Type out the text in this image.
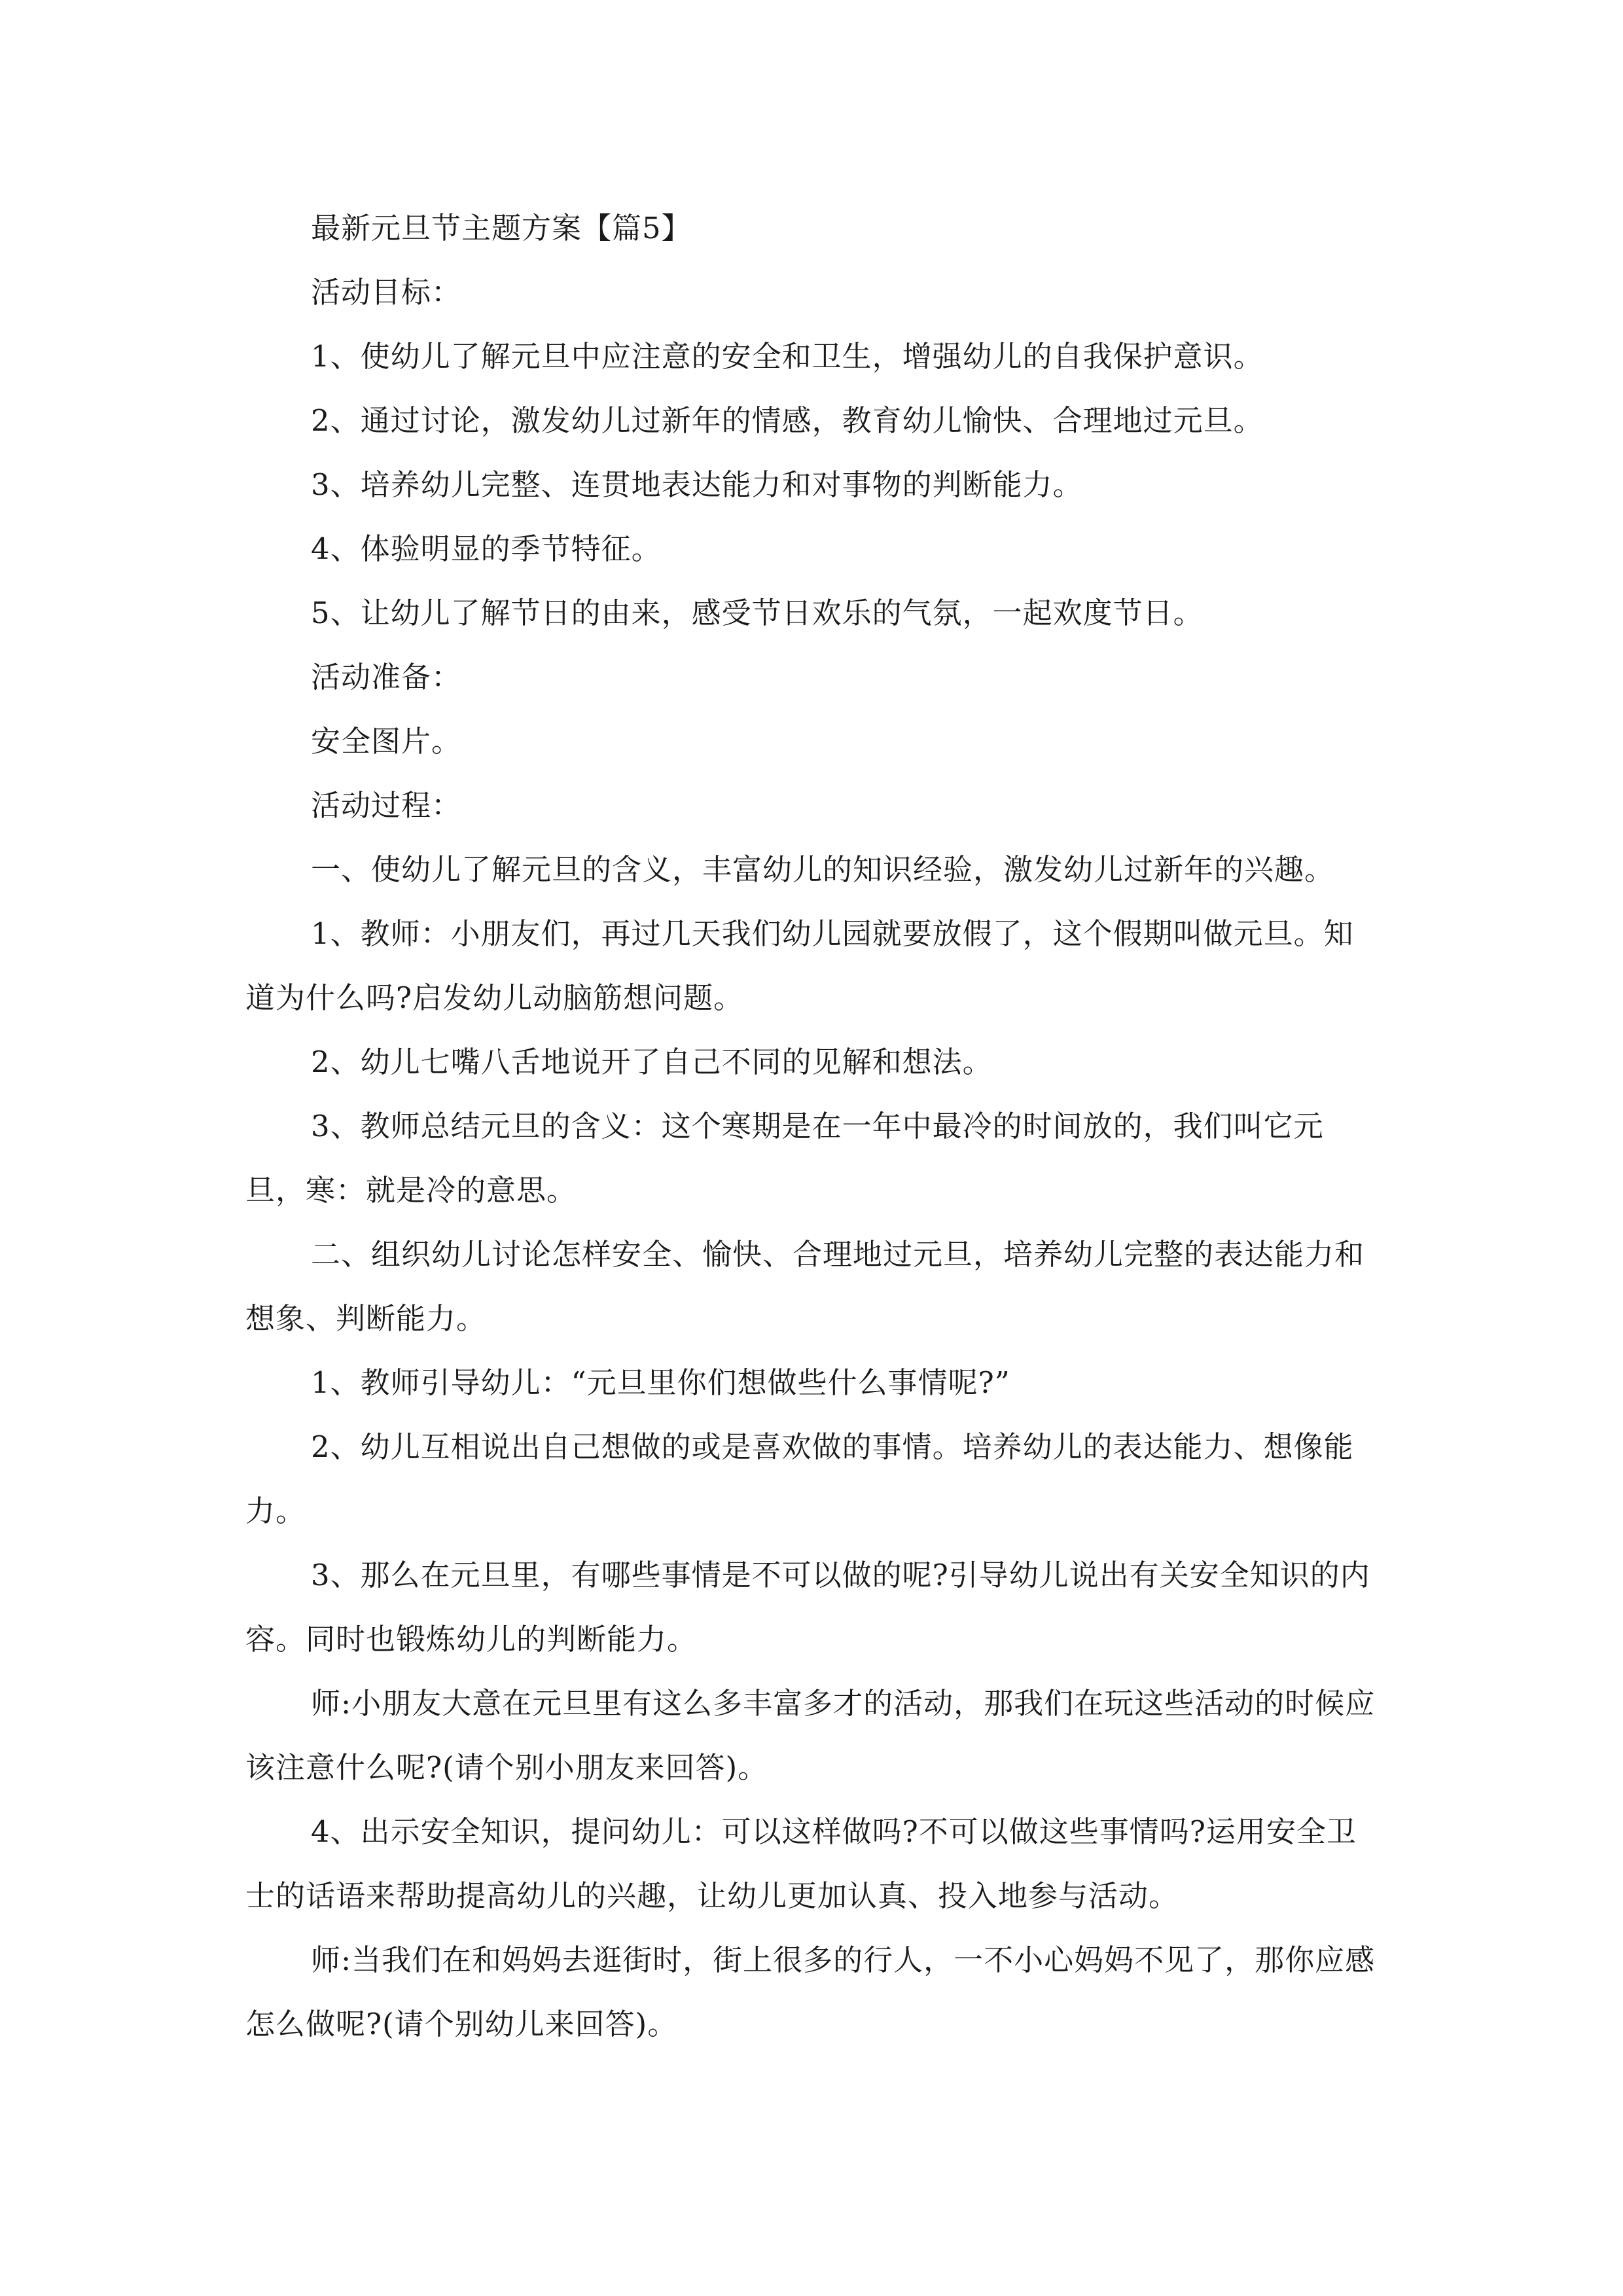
最新元旦节主题方案【篇5】

活动目标：

1、使幼儿了解元旦中应注意的安全和卫生，增强幼儿的自我保护意识。

2、通过讨论，激发幼儿过新年的情感，教育幼儿愉快、合理地过元旦。

3、培养幼儿完整、连贯地表达能力和对事物的判断能力。

4、体验明显的季节特征。

5、让幼儿了解节日的由来，感受节日欢乐的气氛，一起欢度节日。

活动准备：

安全图片。

活动过程：

一、使幼儿了解元旦的含义，丰富幼儿的知识经验，激发幼儿过新年的兴趣。

1、教师：小朋友们，再过几天我们幼儿园就要放假了，这个假期叫做元旦。知道为什么吗?启发幼儿动脑筋想问题。

2、幼儿七嘴八舌地说开了自己不同的见解和想法。

3、教师总结元旦的含义：这个寒期是在一年中最冷的时间放的，我们叫它元旦，寒：就是冷的意思。

二、组织幼儿讨论怎样安全、愉快、合理地过元旦，培养幼儿完整的表达能力和想象、判断能力。

1、教师引导幼儿：“元旦里你们想做些什么事情呢?”

2、幼儿互相说出自己想做的或是喜欢做的事情。培养幼儿的表达能力、想像能力。

3、那么在元旦里，有哪些事情是不可以做的呢?引导幼儿说出有关安全知识的内容。同时也锻炼幼儿的判断能力。

师:小朋友大意在元旦里有这么多丰富多才的活动，那我们在玩这些活动的时候应该注意什么呢?(请个别小朋友来回答)。

4、出示安全知识，提问幼儿：可以这样做吗?不可以做这些事情吗?运用安全卫士的话语来帮助提高幼儿的兴趣，让幼儿更加认真、投入地参与活动。

师:当我们在和妈妈去逛街时，街上很多的行人，一不小心妈妈不见了，那你应感怎么做呢?(请个别幼儿来回答)。
